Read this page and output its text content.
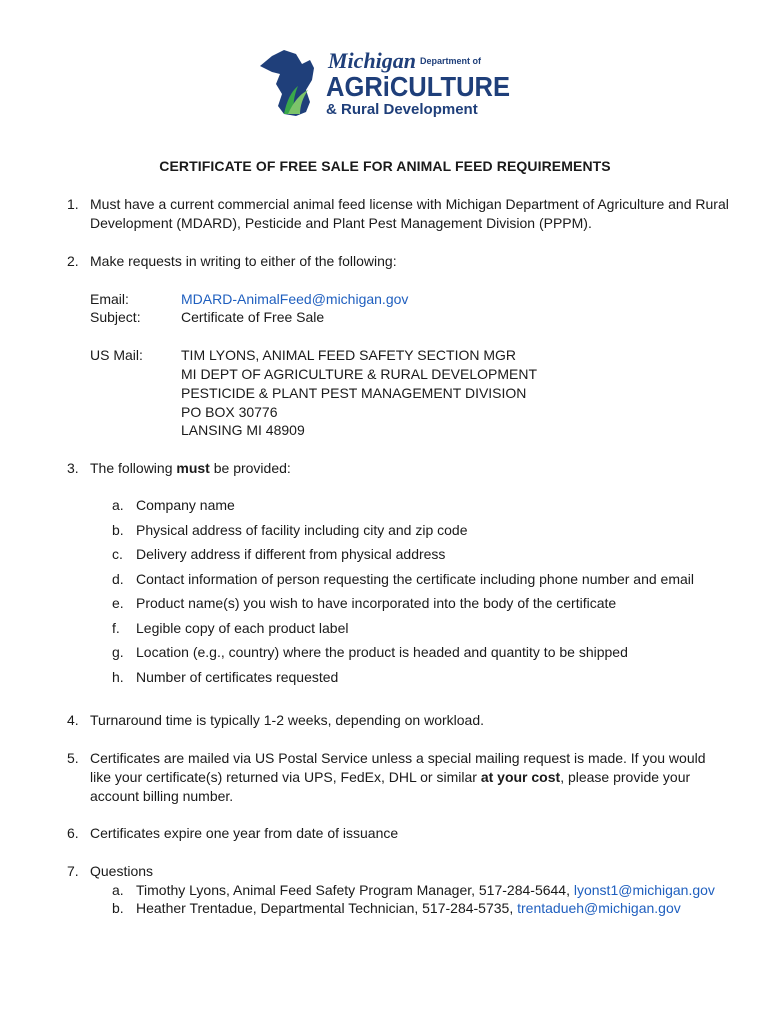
Michigan Department of
AGRiCULTURE
& Rural Development
CERTIFICATE OF FREE SALE FOR ANIMAL FEED REQUIREMENTS
1. Must have a current commercial animal feed license with Michigan Department of Agriculture and Rural
Development (MDARD), Pesticide and Plant Pest Management Division (PPPM).
2. Make requests in writing to either of the following:
Email:	MDARD-AnimalFeed@michigan.gov
Subject:	Certificate of Free Sale
US Mail:	TIM LYONS, ANIMAL FEED SAFETY SECTION MGR
MI DEPT OF AGRICULTURE & RURAL DEVELOPMENT
PESTICIDE & PLANT PEST MANAGEMENT DIVISION
PO BOX 30776
LANSING MI 48909
3. The following must be provided:
a. Company name
b. Physical address of facility including city and zip code
c. Delivery address if different from physical address
d. Contact information of person requesting the certificate including phone number and email
e. Product name(s) you wish to have incorporated into the body of the certificate
f. Legible copy of each product label
g. Location (e.g., country) where the product is headed and quantity to be shipped
h. Number of certificates requested
4. Turnaround time is typically 1-2 weeks, depending on workload.
5. Certificates are mailed via US Postal Service unless a special mailing request is made. If you would
like your certificate(s) returned via UPS, FedEx, DHL or similar at your cost, please provide your
account billing number.
6. Certificates expire one year from date of issuance
7. Questions
a. Timothy Lyons, Animal Feed Safety Program Manager, 517-284-5644, lyonst1@michigan.gov
b. Heather Trentadue, Departmental Technician, 517-284-5735, trentadueh@michigan.gov
